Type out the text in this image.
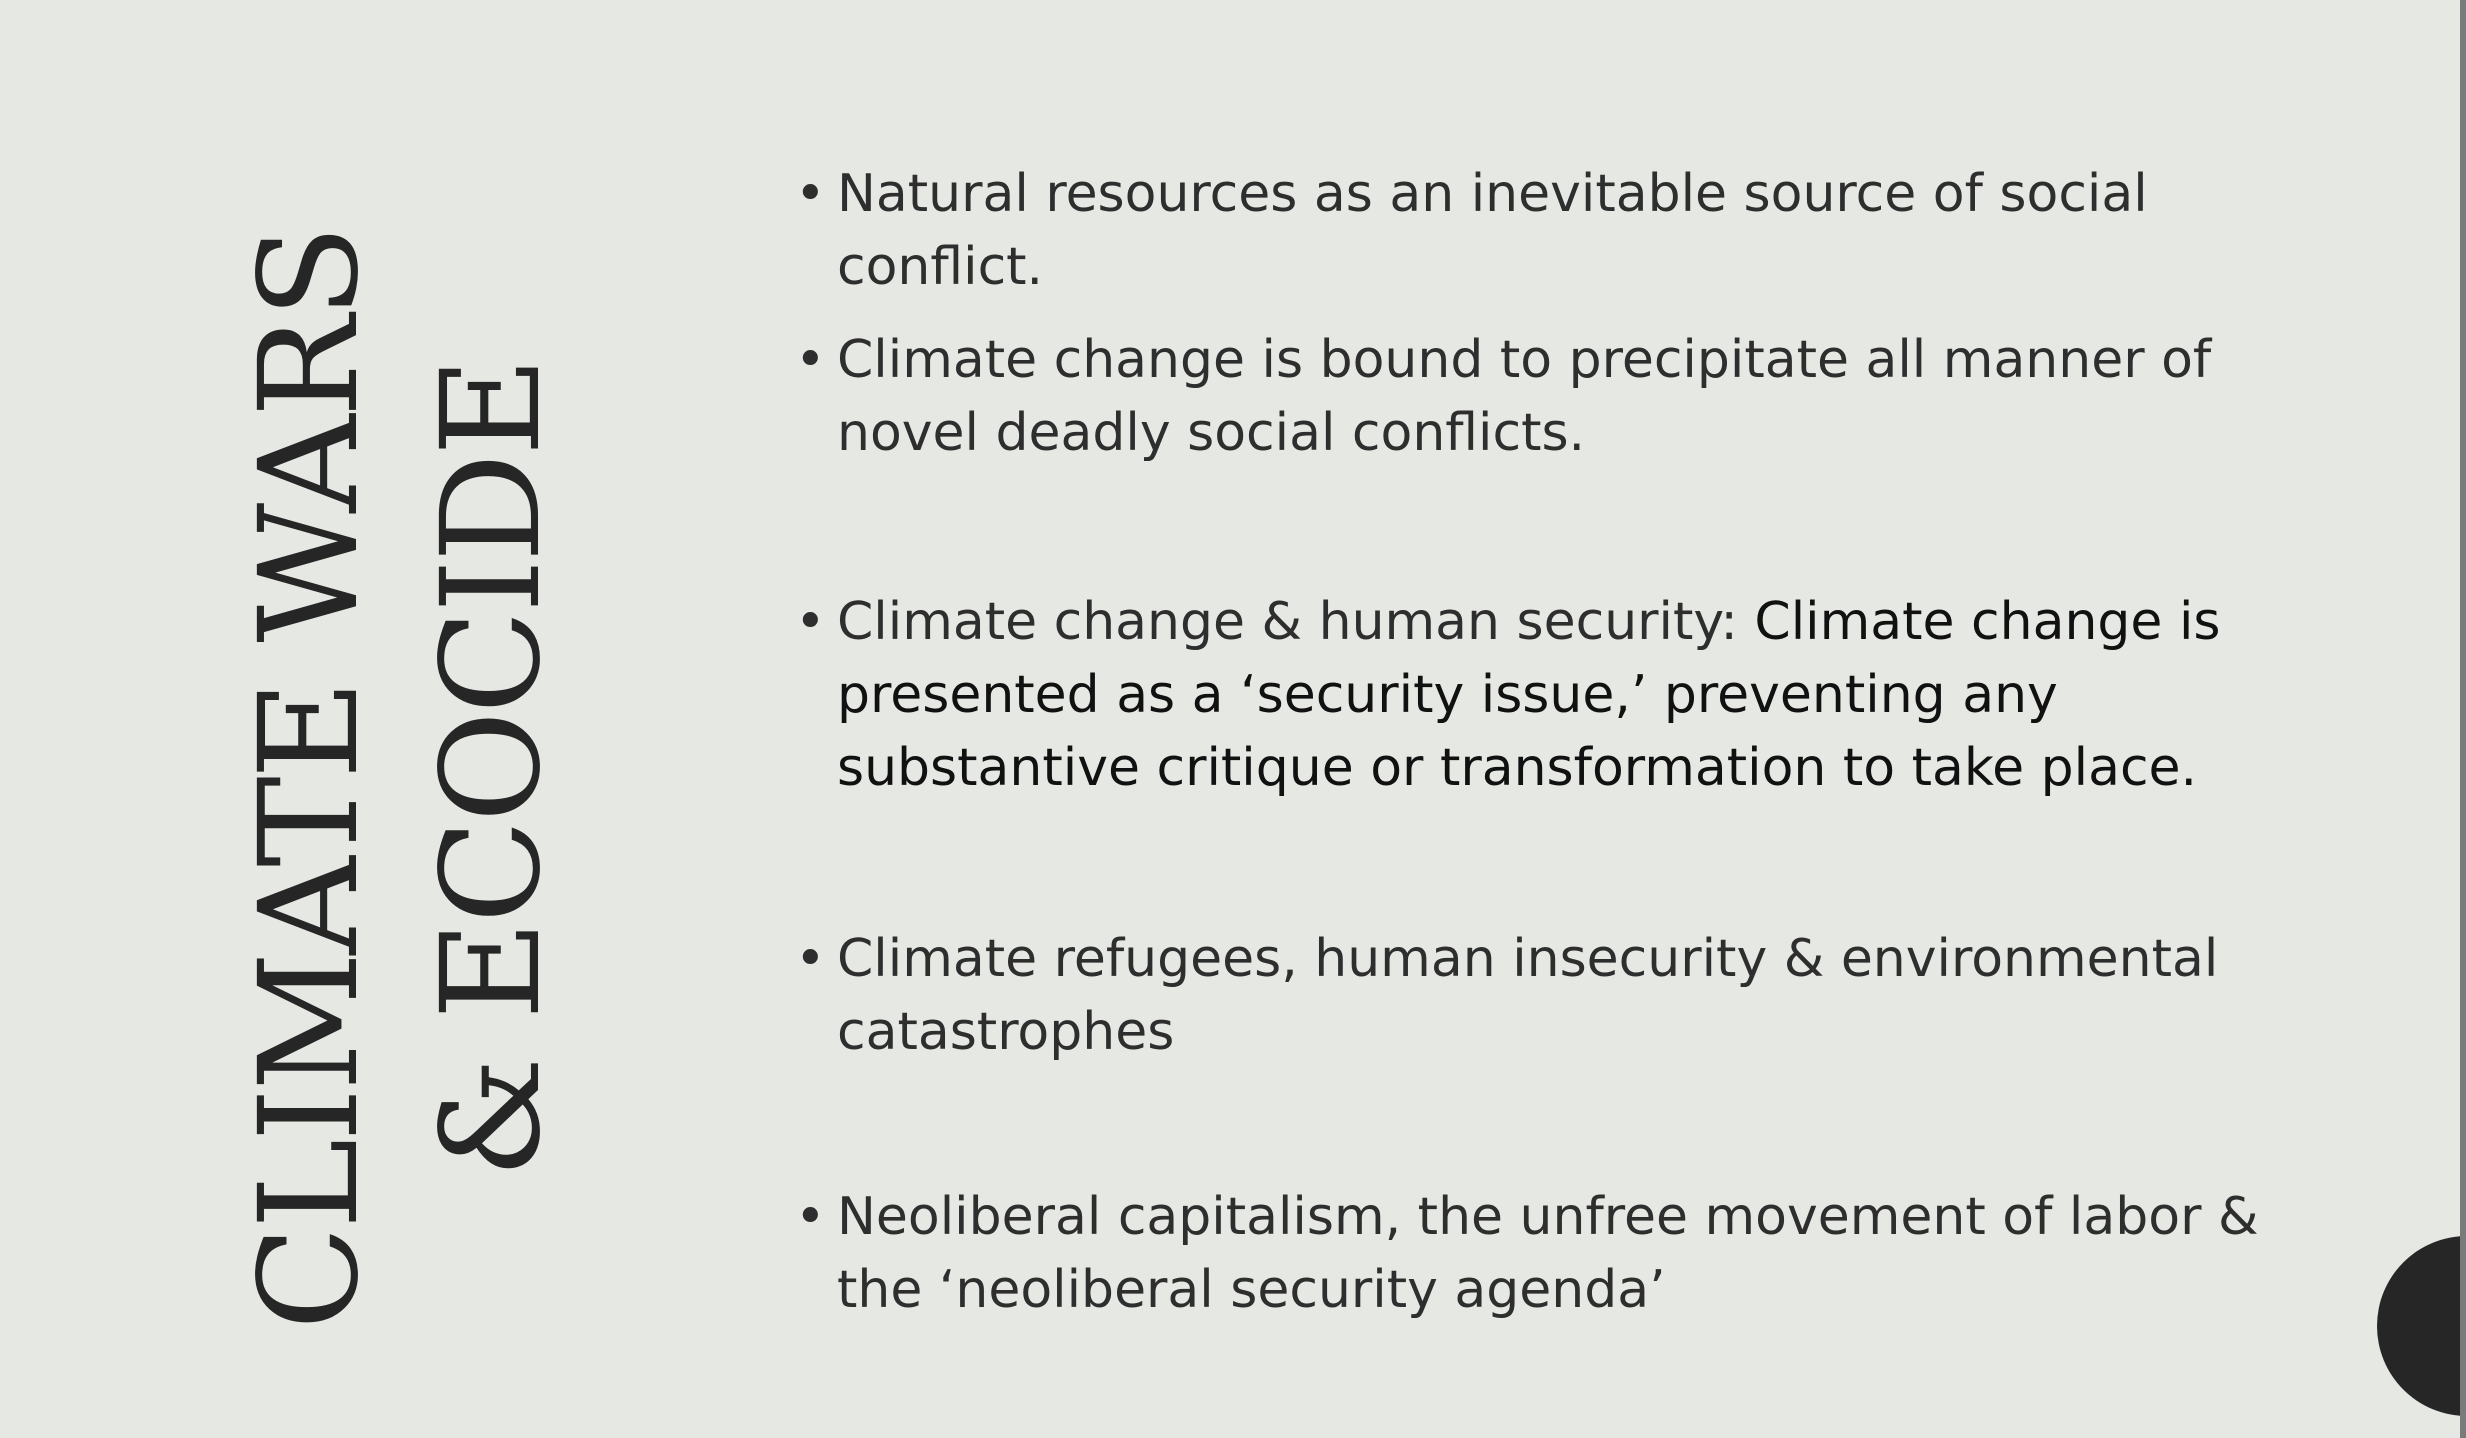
CLIMATE WARS & ECOCIDE
• Natural resources as an inevitable source of social conflict.
• Climate change is bound to precipitate all manner of novel deadly social conflicts.
• Climate change & human security: Climate change is presented as a ‘security issue,’ preventing any substantive critique or transformation to take place.
• Climate refugees, human insecurity & environmental catastrophes
• Neoliberal capitalism, the unfree movement of labor & the ‘neoliberal security agenda’
